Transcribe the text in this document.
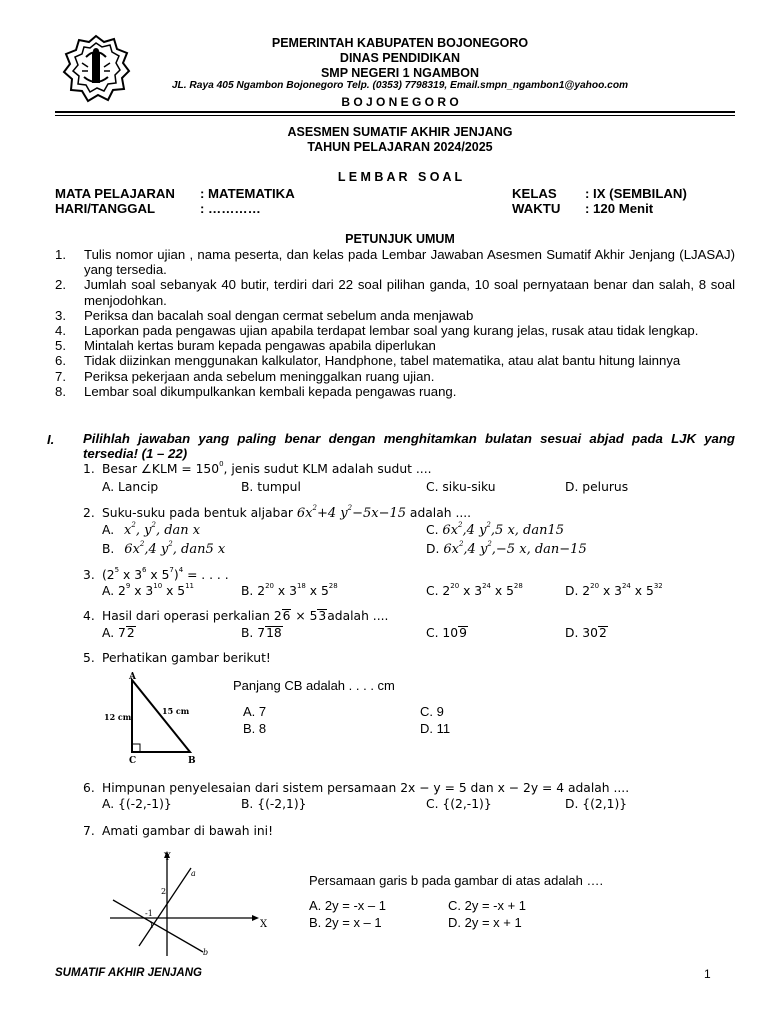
PEMERINTAH KABUPATEN BOJONEGORO
DINAS PENDIDIKAN
SMP NEGERI 1 NGAMBON
JL. Raya 405 Ngambon Bojonegoro Telp. (0353) 7798319, Email.smpn_ngambon1@yahoo.com
B O J O N E G O R O
ASESMEN SUMATIF AKHIR JENJANG
TAHUN PELAJARAN 2024/2025
L E M B A R   S O A L
MATA PELAJARAN : MATEMATIKA
HARI/TANGGAL	: …………
KELAS : IX (SEMBILAN)
WAKTU : 120 Menit
PETUNJUK UMUM
1. Tulis nomor ujian , nama peserta, dan kelas pada Lembar Jawaban Asesmen Sumatif Akhir Jenjang (LJASAJ) yang tersedia.
2. Jumlah soal sebanyak 40 butir, terdiri dari 22 soal pilihan ganda, 10 soal pernyataan benar dan salah, 8 soal menjodohkan.
3. Periksa dan bacalah soal dengan cermat sebelum anda menjawab
4. Laporkan pada pengawas ujian apabila terdapat lembar soal yang kurang jelas, rusak atau tidak lengkap.
5. Mintalah kertas buram kepada pengawas apabila diperlukan
6. Tidak diizinkan menggunakan kalkulator, Handphone, tabel matematika, atau alat bantu hitung lainnya
7. Periksa pekerjaan anda sebelum meninggalkan ruang ujian.
8. Lembar soal dikumpulkankan kembali kepada pengawas ruang.
I. Pilihlah jawaban yang paling benar dengan menghitamkan bulatan sesuai abjad pada LJK yang tersedia! (1 – 22)
1. Besar ∠KLM = $150^0$, jenis sudut KLM adalah sudut ....
A. Lancip	B. tumpul	C. siku-siku	D. pelurus
2. Suku-suku pada bentuk aljabar $6x^2+4$ $y^2-5x-15$ adalah ....
A. $x^2$, $y^2$, dan x
B. $6x^2,4$ $y^2$, dan5 x
C. $6x^2,4$ $y^2,5$ x, dan15
D. $6x^2,4$ $y^2,-5$ x, dan−15
3. ($2^5$ x $3^6$ x $5^7)^4$ = . . . .
A. $2^9$ x $3^{10}$ x $5^{11}$	B. $2^{20}$ x $3^{18}$ x $5^{28}$	C. $2^{20}$ x $3^{24}$ x $5^{28}$	D. $2^{20}$ x $3^{24}$ x $5^{32}$
4. Hasil dari operasi perkalian 26 × 53adalah ....
A. 72	B. 718	C. 109	D. 302
5. Perhatikan gambar berikut!
A
C	B
12 cm
15 cm
Panjang CB adalah . . . . cm
A. 7
B. 8
C. 9
D. 11
6. Himpunan penyelesaian dari sistem persamaan 2x − y = 5 dan x − 2y = 4 adalah ....
A. {(-2,-1)}	B. {(-2,1)}	C. {(2,-1)}	D. {(2,1)}
7. Amati gambar di bawah ini!
Y
X
a
b
2
-1
1
Persamaan garis b pada gambar di atas adalah ….
A. 2y = -x – 1
B. 2y = x – 1
C. 2y = -x + 1
D. 2y = x + 1
SUMATIF AKHIR JENJANG	1
